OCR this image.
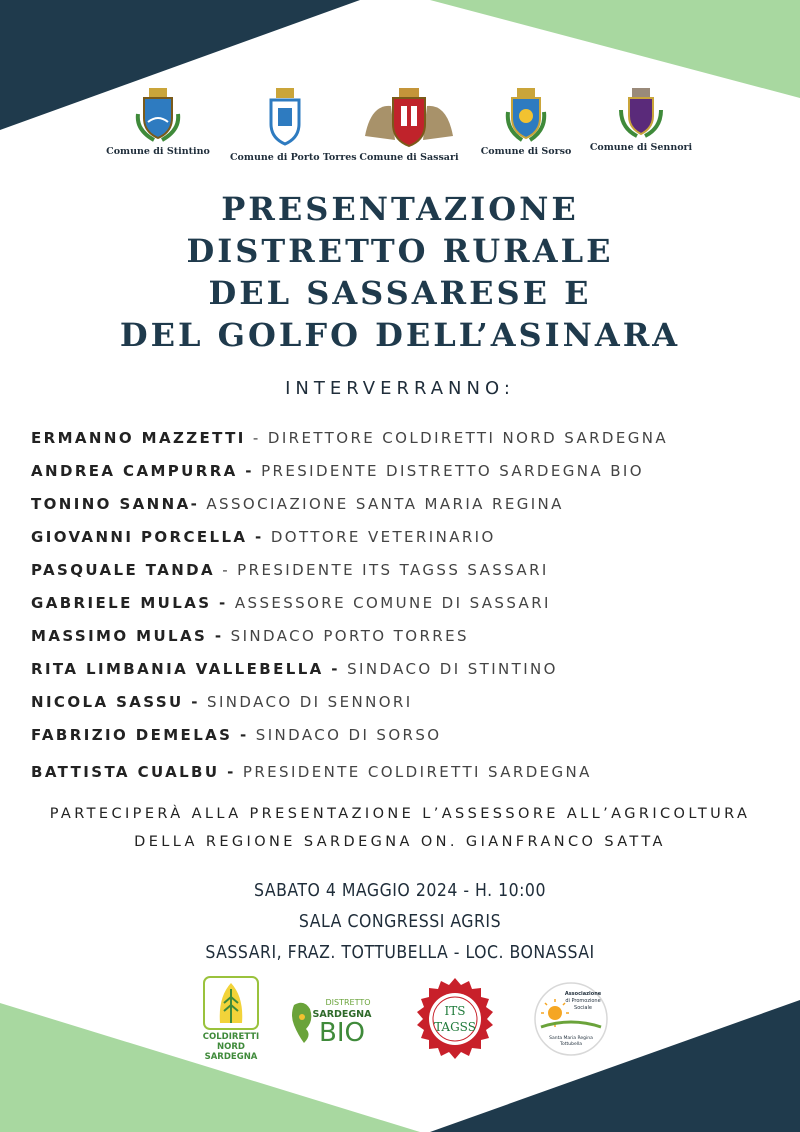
Comune di Stintino
Comune di Porto Torres Comune di Sassari
Comune di Sorso	Comune di Sennori
PRESENTAZIONE
DISTRETTO RURALE
DEL SASSARESE E
DEL GOLFO DELL’ASINARA
INTERVERRANNO:
ERMANNO MAZZETTI - DIRETTORE COLDIRETTI NORD SARDEGNA
ANDREA CAMPURRA - PRESIDENTE DISTRETTO SARDEGNA BIO
TONINO SANNA- ASSOCIAZIONE SANTA MARIA REGINA
GIOVANNI PORCELLA - DOTTORE VETERINARIO
PASQUALE TANDA - PRESIDENTE ITS TAGSS SASSARI
GABRIELE MULAS - ASSESSORE COMUNE DI SASSARI
MASSIMO MULAS - SINDACO PORTO TORRES
RITA LIMBANIA VALLEBELLA - SINDACO DI STINTINO
NICOLA SASSU - SINDACO DI SENNORI
FABRIZIO DEMELAS - SINDACO DI SORSO
BATTISTA CUALBU - PRESIDENTE COLDIRETTI SARDEGNA
PARTECIPERÀ ALLA PRESENTAZIONE L’ASSESSORE ALL’AGRICOLTURA
DELLA REGIONE SARDEGNA ON. GIANFRANCO SATTA
SABATO 4 MAGGIO 2024 - H. 10:00
SALA CONGRESSI AGRIS
SASSARI, FRAZ. TOTTUBELLA - LOC. BONASSAI
COLDIRETTI
NORD
SARDEGNA
DISTRETTO
SARDEGNA
BIO
ITS
TAGSS
Associazione
di Promozione
Sociale
Santa Maria Regina
Tottubella
